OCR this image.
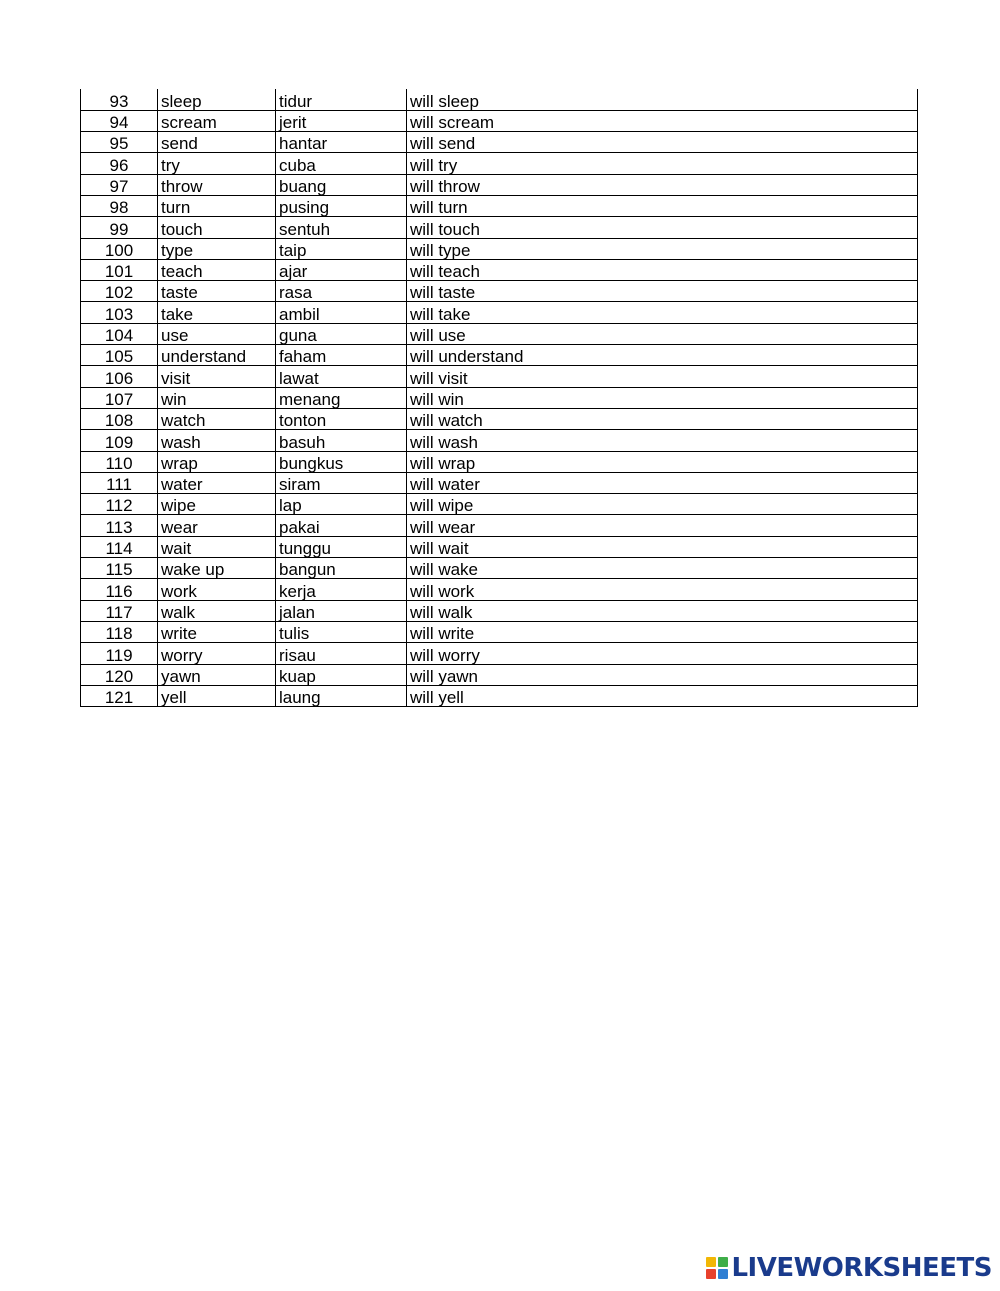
93	sleep	tidur	will sleep
94	scream	jerit	will scream
95	send	hantar	will send
96	try	cuba	will try
97	throw	buang	will throw
98	turn	pusing	will turn
99	touch	sentuh	will touch
100	type	taip	will type
101	teach	ajar	will teach
102	taste	rasa	will taste
103	take	ambil	will take
104	use	guna	will use
105	understand	faham	will understand
106	visit	lawat	will visit
107	win	menang	will win
108	watch	tonton	will watch
109	wash	basuh	will wash
110	wrap	bungkus	will wrap
111	water	siram	will water
112	wipe	lap	will wipe
113	wear	pakai	will wear
114	wait	tunggu	will wait
115	wake up	bangun	will wake
116	work	kerja	will work
117	walk	jalan	will walk
118	write	tulis	will write
119	worry	risau	will worry
120	yawn	kuap	will yawn
121	yell	laung	will yell
LIVEWORKSHEETS
